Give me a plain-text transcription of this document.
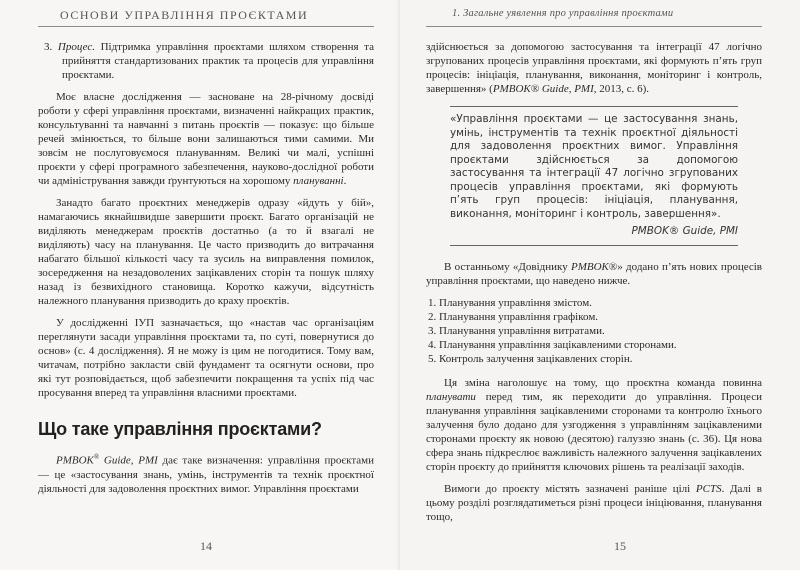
ОСНОВИ УПРАВЛІННЯ ПРОЄКТАМИ

3. Процес. Підтримка управління проєктами шляхом створення та прийняття стандартизованих практик та процесів для управління проєктами.

Моє власне дослідження — засноване на 28-річному досвіді роботи у сфері управління проєктами, визначенні найкращих практик, консультуванні та навчанні з питань проєктів — показує: що більше речей змінюється, то більше вони залишаються тими самими. Ми зовсім не послуговуємося плануванням. Великі чи малі, успішні проєкти у сфері програмного забезпечення, науково-дослідної роботи чи адміністрування завжди ґрунтуються на хорошому плануванні.

Занадто багато проєктних менеджерів одразу «йдуть у бій», намагаючись якнайшвидше завершити проєкт. Багато організацій не виділяють менеджерам проєктів достатньо (а то й взагалі не виділяють) часу на планування. Це часто призводить до витрачання набагато більшої кількості часу та зусиль на виправлення помилок, зосередження на незадоволених зацікавлених сторін та пошук шляху назад із безвихідного становища. Коротко кажучи, відсутність належного планування призводить до краху проєктів.

У дослідженні ІУП зазначається, що «настав час організаціям переглянути засади управління проєктами та, по суті, повернутися до основ» (с. 4 дослідження). Я не можу із цим не погодитися. Тому вам, читачам, потрібно закласти свій фундамент та осягнути основи, про які тут розповідається, щоб забезпечити покращення та успіх під час просування вперед та управління власними проєктами.

Що таке управління проєктами?

PMBOK® Guide, PMI дає таке визначення: управління проєктами — це «застосування знань, умінь, інструментів та технік проєктної діяльності для задоволення проєктних вимог. Управління проєктами

14
1. Загальне уявлення про управління проєктами

здійснюється за допомогою застосування та інтеграції 47 логічно згрупованих процесів управління проєктами, які формують п’ять груп процесів: ініціація, планування, виконання, моніторинг і контроль, завершення» (PMBOK® Guide, PMI, 2013, с. 6).

«Управління проєктами — це застосування знань, умінь, інструментів та технік проєктної діяльності для задоволення проєктних вимог. Управління проєктами здійснюється за допомогою застосування та інтеграції 47 логічно згрупованих процесів управління проєктами, які формують п’ять груп процесів: ініціація, планування, виконання, моніторинг і контроль, завершення».
PMBOK® Guide, PMI

В останньому «Довіднику PMBOK®» додано п’ять нових процесів управління проєктами, що наведено нижче.

1. Планування управління змістом.
2. Планування управління графіком.
3. Планування управління витратами.
4. Планування управління зацікавленими сторонами.
5. Контроль залучення зацікавлених сторін.

Ця зміна наголошує на тому, що проєктна команда повинна планувати перед тим, як переходити до управління. Процеси планування управління зацікавленими сторонами та контролю їхнього залучення було додано для узгодження з управлінням зацікавленими сторонами проєкту як новою (десятою) галуззю знань (с. 36). Ця нова сфера знань підкреслює важливість належного залучення зацікавлених сторін проєкту до прийняття ключових рішень та реалізації заходів.

Вимоги до проєкту містять зазначені раніше цілі PCTS. Далі в цьому розділі розглядатиметься різні процеси ініціювання, планування тощо,

15
